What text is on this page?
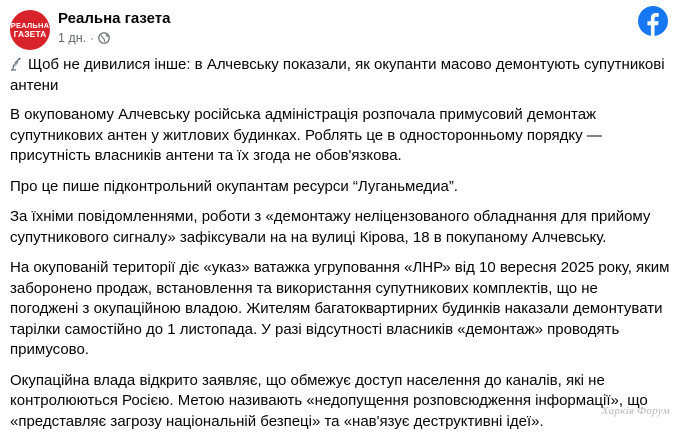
РЕАЛЬНА
ГАЗЕТА
Реальна газета
1 дн. ·

Щоб не дивилися інше: в Алчевську показали, як окупанти масово демонтують супутникові антени

В окупованому Алчевську російська адміністрація розпочала примусовий демонтаж супутникових антен у житлових будинках. Роблять це в односторонньому порядку — присутність власників антени та їх згода не обов'язкова.

Про це пише підконтрольний окупантам ресурси “Луганьмедиа”.

За їхніми повідомленнями, роботи з «демонтажу неліцензованого обладнання для прийому супутникового сигналу» зафіксували на на вулиці Кірова, 18 в покупаному Алчевську.

На окупованій території діє «указ» ватажка угруповання «ЛНР» від 10 вересня 2025 року, яким заборонено продаж, встановлення та використання супутникових комплектів, що не погоджені з окупаційною владою. Жителям багатоквартирних будинків наказали демонтувати тарілки самостійно до 1 листопада. У разі відсутності власників «демонтаж» проводять примусово.

Окупаційна влада відкрито заявляє, що обмежує доступ населення до каналів, які не контролюються Росією. Метою називають «недопущення розповсюдження інформації», що «представляє загрозу національній безпеці» та «нав'язує деструктивні ідеї».

Харків Форум
